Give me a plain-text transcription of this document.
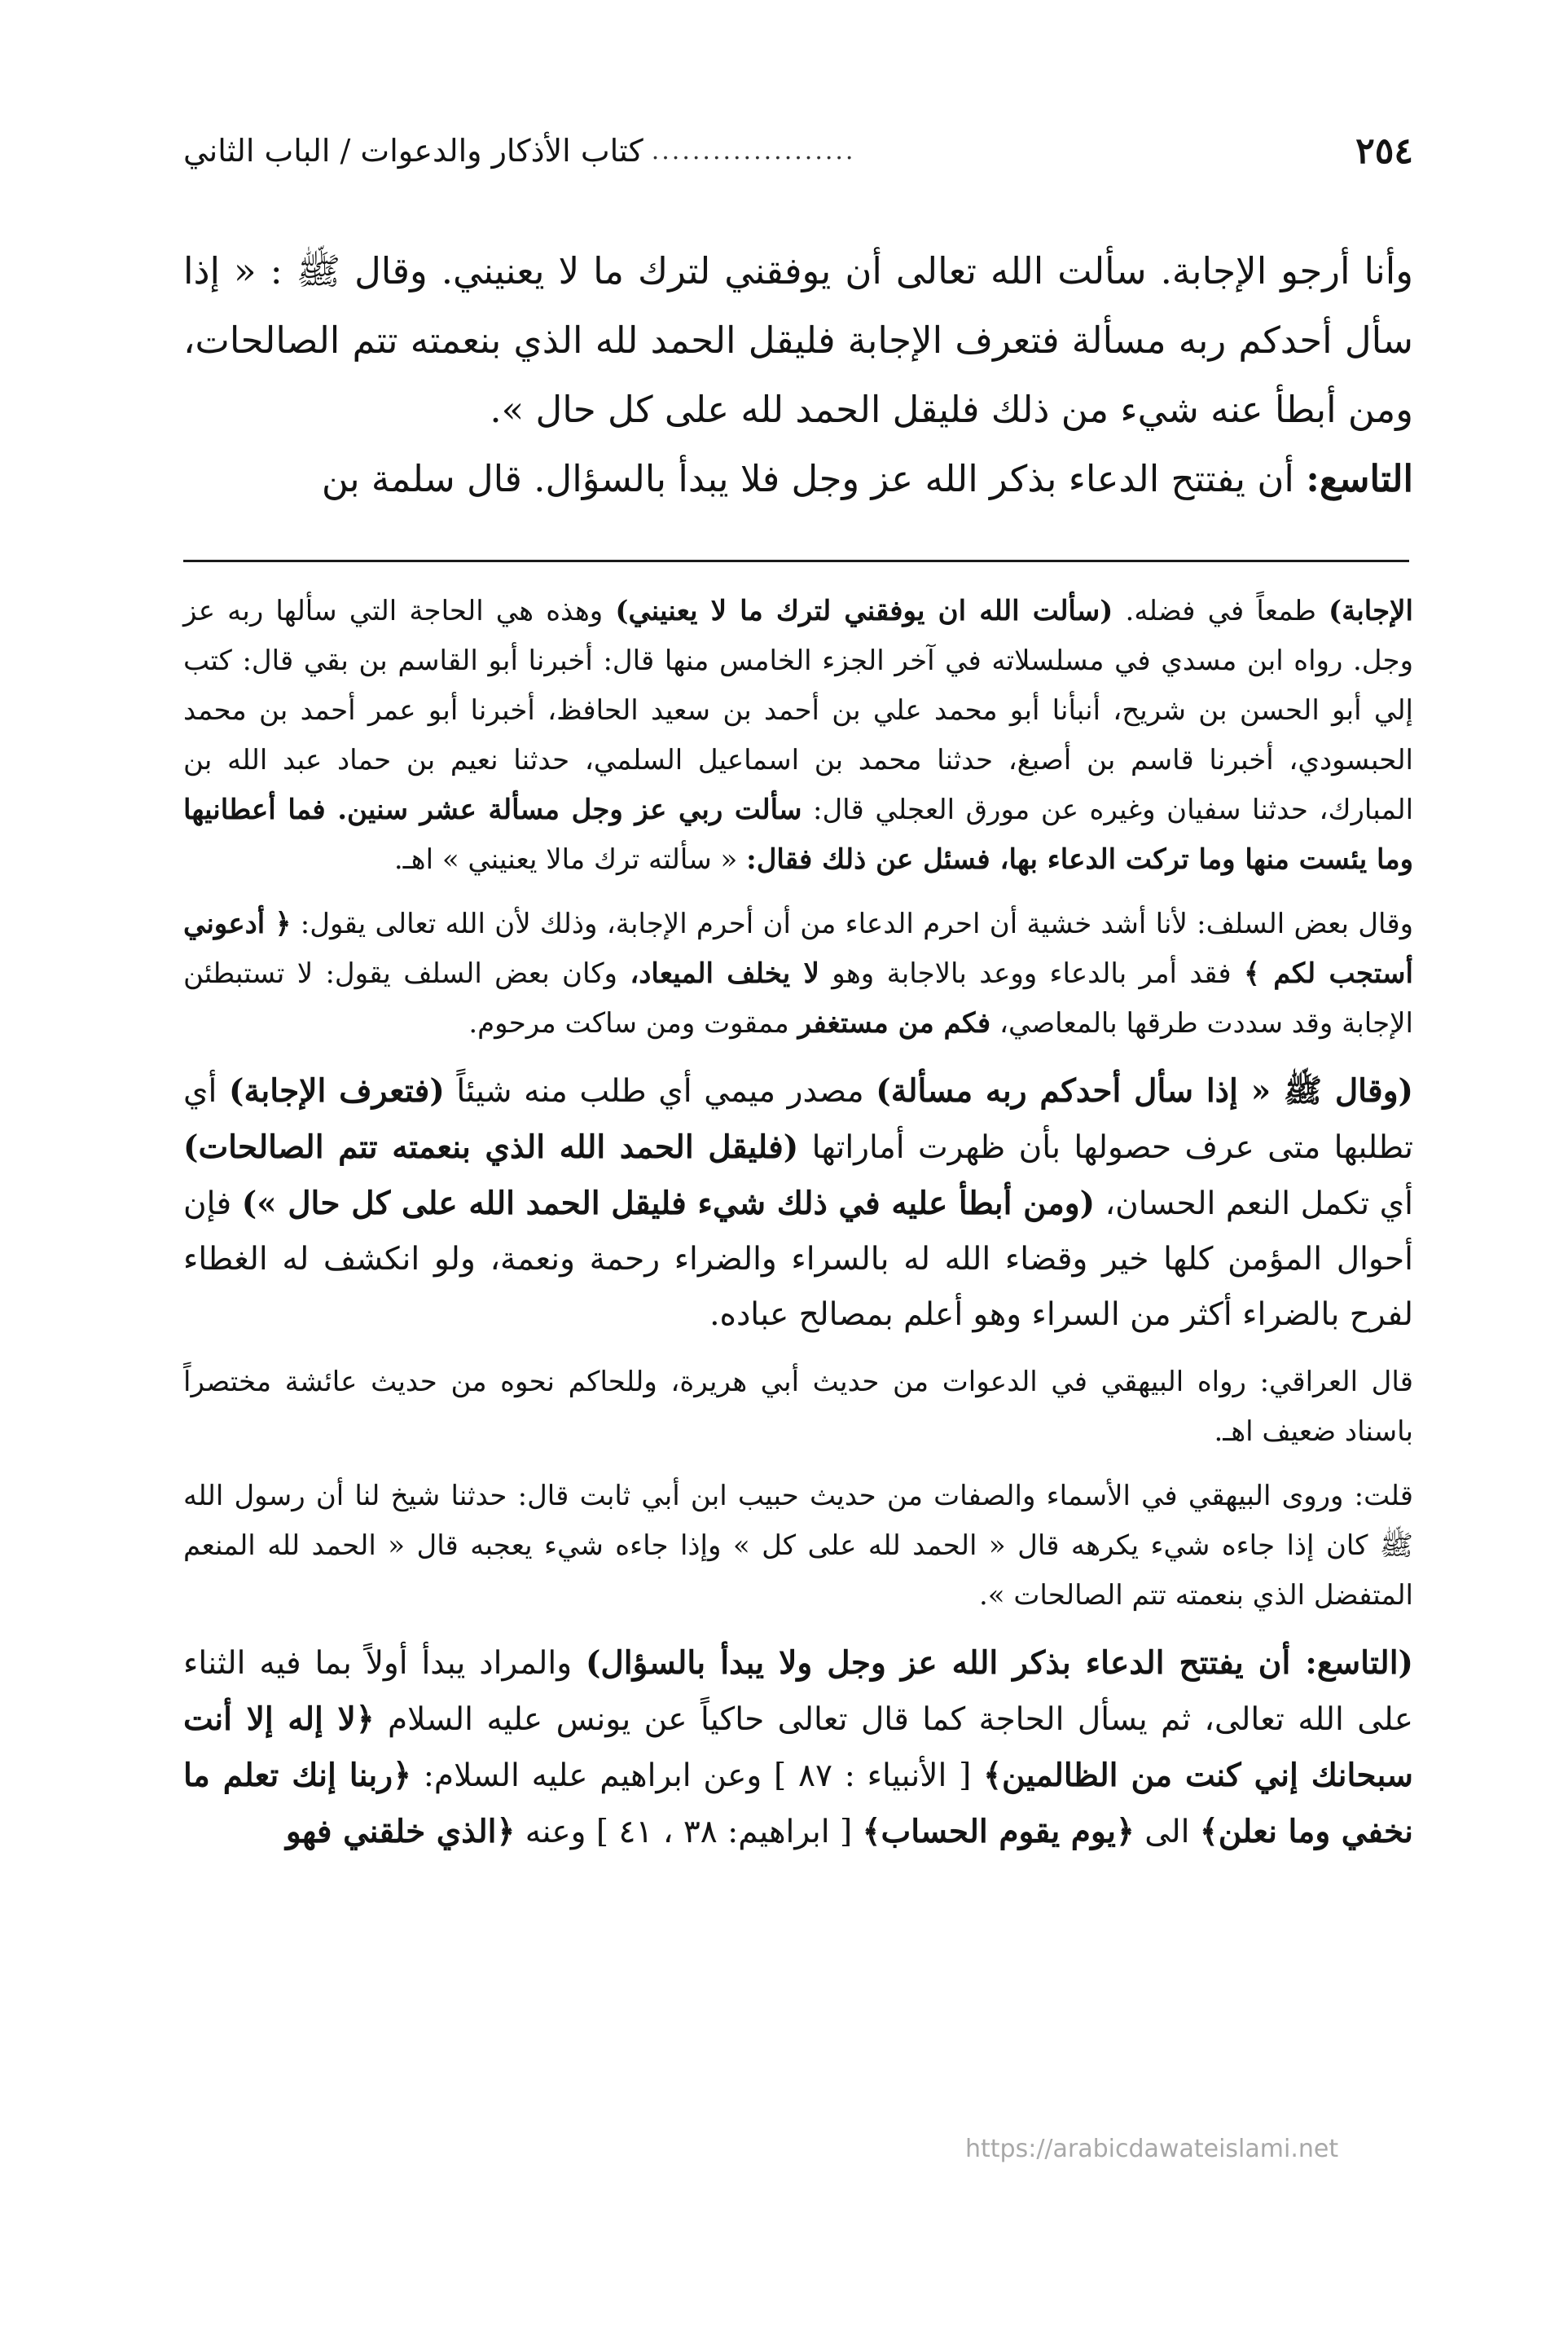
٢٥٤
....................
كتاب الأذكار والدعوات / الباب الثاني

وأنا أرجو الإجابة. سألت الله تعالى أن يوفقني لترك ما لا يعنيني. وقال ﷺ : « إذا سأل أحدكم ربه مسألة فتعرف الإجابة فليقل الحمد لله الذي بنعمته تتم الصالحات، ومن أبطأ عنه شيء من ذلك فليقل الحمد لله على كل حال ».

التاسع: أن يفتتح الدعاء بذكر الله عز وجل فلا يبدأ بالسؤال. قال سلمة بن

الإجابة) طمعاً في فضله. (سألت الله ان يوفقني لترك ما لا يعنيني) وهذه هي الحاجة التي سألها ربه عز وجل. رواه ابن مسدي في مسلسلاته في آخر الجزء الخامس منها قال: أخبرنا أبو القاسم بن بقي قال: كتب إلي أبو الحسن بن شريح، أنبأنا أبو محمد علي بن أحمد بن سعيد الحافظ، أخبرنا أبو عمر أحمد بن محمد الحبسودي، أخبرنا قاسم بن أصبغ، حدثنا محمد بن اسماعيل السلمي، حدثنا نعيم بن حماد عبد الله بن المبارك، حدثنا سفيان وغيره عن مورق العجلي قال: سألت ربي عز وجل مسألة عشر سنين. فما أعطانيها وما يئست منها وما تركت الدعاء بها، فسئل عن ذلك فقال: « سألته ترك مالا يعنيني » اهـ.

وقال بعض السلف: لأنا أشد خشية أن احرم الدعاء من أن أحرم الإجابة، وذلك لأن الله تعالى يقول: ﴿ أدعوني أستجب لكم ﴾ فقد أمر بالدعاء ووعد بالاجابة وهو لا يخلف الميعاد، وكان بعض السلف يقول: لا تستبطئن الإجابة وقد سددت طرقها بالمعاصي، فكم من مستغفر ممقوت ومن ساكت مرحوم.

(وقال ﷺ « إذا سأل أحدكم ربه مسألة) مصدر ميمي أي طلب منه شيئاً (فتعرف الإجابة) أي تطلبها متى عرف حصولها بأن ظهرت أماراتها (فليقل الحمد الله الذي بنعمته تتم الصالحات) أي تكمل النعم الحسان، (ومن أبطأ عليه في ذلك شيء فليقل الحمد الله على كل حال ») فإن أحوال المؤمن كلها خير وقضاء الله له بالسراء والضراء رحمة ونعمة، ولو انكشف له الغطاء لفرح بالضراء أكثر من السراء وهو أعلم بمصالح عباده.

قال العراقي: رواه البيهقي في الدعوات من حديث أبي هريرة، وللحاكم نحوه من حديث عائشة مختصراً باسناد ضعيف اهـ.

قلت: وروى البيهقي في الأسماء والصفات من حديث حبيب ابن أبي ثابت قال: حدثنا شيخ لنا أن رسول الله ﷺ كان إذا جاءه شيء يكرهه قال « الحمد لله على كل » وإذا جاءه شيء يعجبه قال « الحمد لله المنعم المتفضل الذي بنعمته تتم الصالحات ».

(التاسع: أن يفتتح الدعاء بذكر الله عز وجل ولا يبدأ بالسؤال) والمراد يبدأ أولاً بما فيه الثناء على الله تعالى، ثم يسأل الحاجة كما قال تعالى حاكياً عن يونس عليه السلام ﴿لا إله إلا أنت سبحانك إني كنت من الظالمين﴾ [ الأنبياء : ٨٧ ] وعن ابراهيم عليه السلام: ﴿ربنا إنك تعلم ما نخفي وما نعلن﴾ الى ﴿يوم يقوم الحساب﴾ [ ابراهيم: ٣٨ ، ٤١ ] وعنه ﴿الذي خلقني فهو

https://arabicdawateislami.net
